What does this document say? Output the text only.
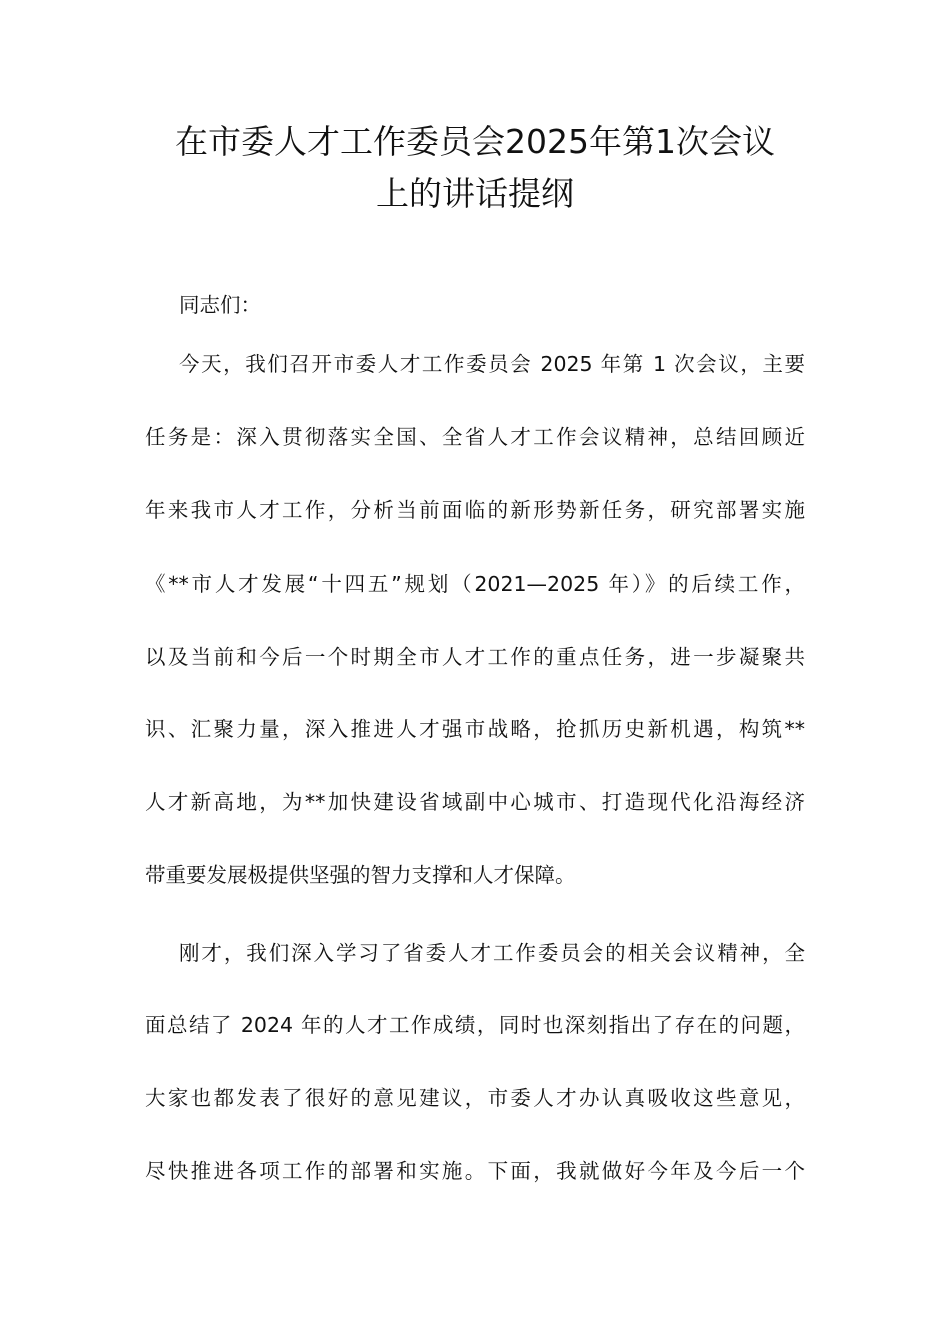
在市委人才工作委员会2025年第1次会议
上的讲话提纲
同志们：
今天，我们召开市委人才工作委员会 2025 年第 1 次会议，主要
任务是：深入贯彻落实全国、全省人才工作会议精神，总结回顾近
年来我市人才工作，分析当前面临的新形势新任务，研究部署实施
《**市人才发展“十四五”规划（2021—2025 年）》的后续工作，
以及当前和今后一个时期全市人才工作的重点任务，进一步凝聚共
识、汇聚力量，深入推进人才强市战略，抢抓历史新机遇，构筑**
人才新高地，为**加快建设省域副中心城市、打造现代化沿海经济
带重要发展极提供坚强的智力支撑和人才保障。
刚才，我们深入学习了省委人才工作委员会的相关会议精神，全
面总结了 2024 年的人才工作成绩，同时也深刻指出了存在的问题，
大家也都发表了很好的意见建议，市委人才办认真吸收这些意见，
尽快推进各项工作的部署和实施。下面，我就做好今年及今后一个
